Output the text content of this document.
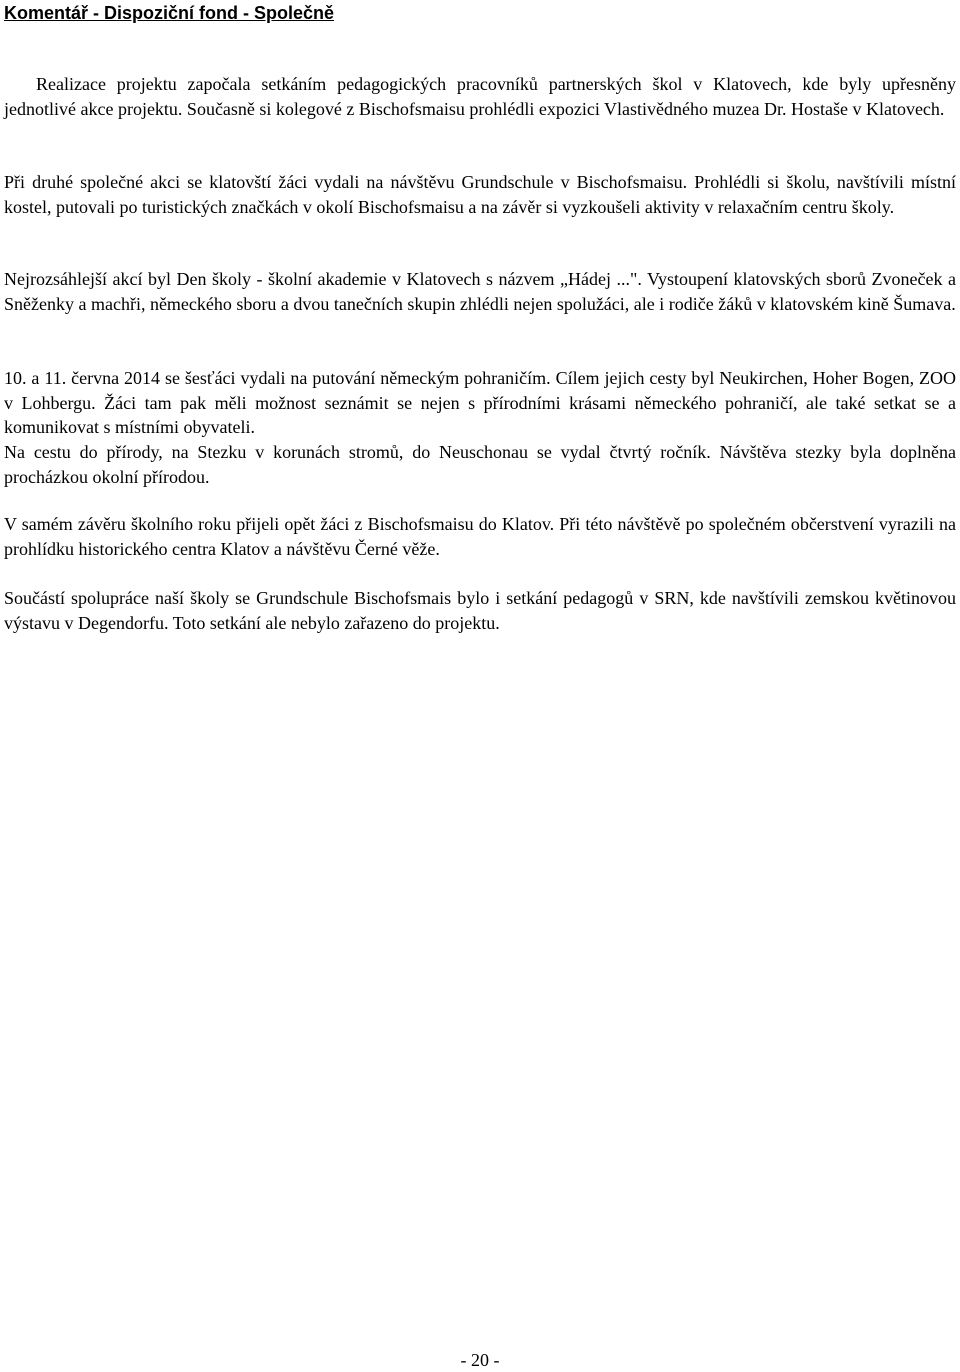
Komentář - Dispoziční fond - Společně

Realizace projektu započala setkáním pedagogických pracovníků partnerských škol v Klatovech, kde byly upřesněny jednotlivé akce projektu. Současně si kolegové z Bischofsmaisu prohlédli expozici Vlastivědného muzea Dr. Hostaše v Klatovech.

Při druhé společné akci se klatovští žáci vydali na návštěvu Grundschule v Bischofsmaisu. Prohlédli si školu, navštívili místní kostel, putovali po turistických značkách v okolí Bischofsmaisu a na závěr si vyzkoušeli aktivity v relaxačním centru školy.

Nejrozsáhlejší akcí byl Den školy - školní akademie v Klatovech s názvem „Hádej ...". Vystoupení klatovských sborů Zvoneček a Sněženky a machři, německého sboru a dvou tanečních skupin zhlédli nejen spolužáci, ale i rodiče žáků v klatovském kině Šumava.

10. a 11. června 2014 se šesťáci vydali na putování německým pohraničím. Cílem jejich cesty byl Neukirchen, Hoher Bogen, ZOO v Lohbergu. Žáci tam pak měli možnost seznámit se nejen s přírodními krásami německého pohraničí, ale také setkat se a komunikovat s místními obyvateli.

Na cestu do přírody, na Stezku v korunách stromů, do Neuschonau se vydal čtvrtý ročník. Návštěva stezky byla doplněna procházkou okolní přírodou.

V samém závěru školního roku přijeli opět žáci z Bischofsmaisu do Klatov. Při této návštěvě po společném občerstvení vyrazili na prohlídku historického centra Klatov a návštěvu Černé věže.

Součástí spolupráce naší školy se Grundschule Bischofsmais bylo i setkání pedagogů v SRN, kde navštívili zemskou květinovou výstavu v Degendorfu. Toto setkání ale nebylo zařazeno do projektu.

- 20 -
